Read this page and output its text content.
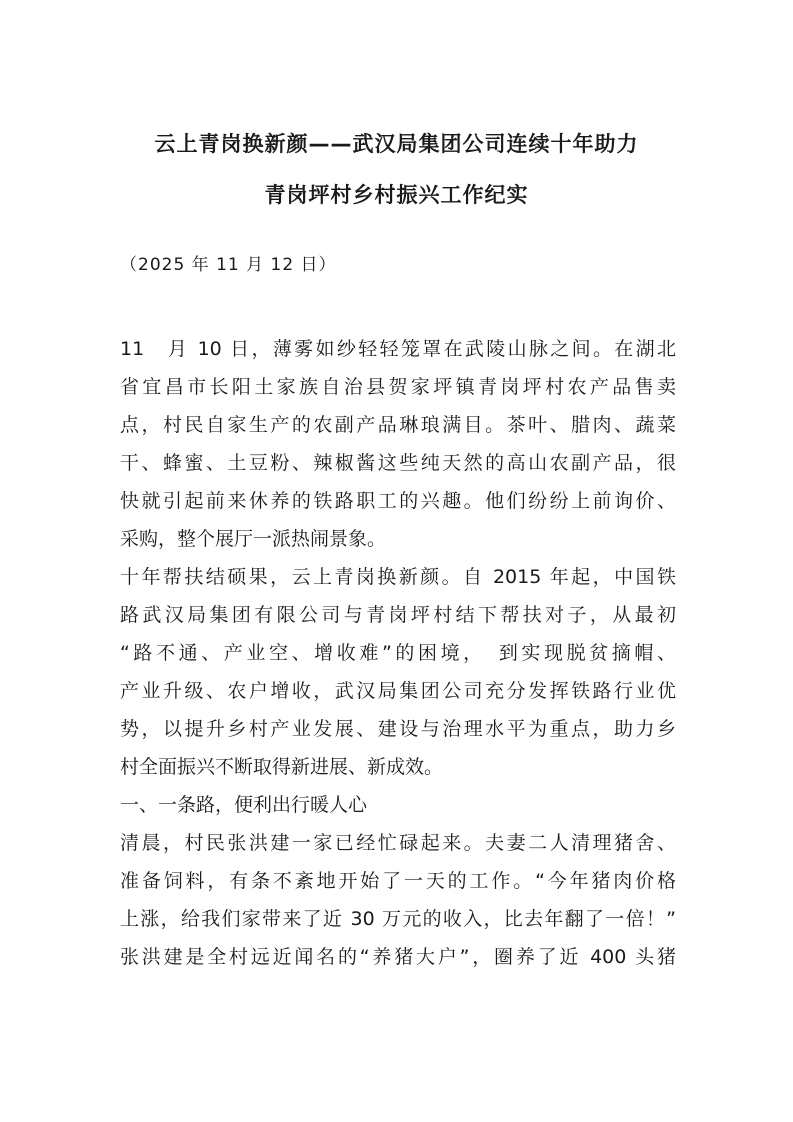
云上青岗换新颜——武汉局集团公司连续十年助力
青岗坪村乡村振兴工作纪实
（2025 年 11 月 12 日）
11　月 10 日，薄雾如纱轻轻笼罩在武陵山脉之间。在湖北
省宜昌市长阳土家族自治县贺家坪镇青岗坪村农产品售卖
点，村民自家生产的农副产品琳琅满目。茶叶、腊肉、蔬菜
干、蜂蜜、土豆粉、辣椒酱这些纯天然的高山农副产品，很
快就引起前来休养的铁路职工的兴趣。他们纷纷上前询价、
采购，整个展厅一派热闹景象。
十年帮扶结硕果，云上青岗换新颜。自 2015 年起，中国铁
路武汉局集团有限公司与青岗坪村结下帮扶对子，从最初
“路不通、产业空、增收难”的困境，　到实现脱贫摘帽、
产业升级、农户增收，武汉局集团公司充分发挥铁路行业优
势，以提升乡村产业发展、建设与治理水平为重点，助力乡
村全面振兴不断取得新进展、新成效。
一、一条路，便利出行暖人心
清晨，村民张洪建一家已经忙碌起来。夫妻二人清理猪舍、
准备饲料，有条不紊地开始了一天的工作。“今年猪肉价格
上涨，给我们家带来了近 30 万元的收入，比去年翻了一倍！”
张洪建是全村远近闻名的“养猪大户”，圈养了近 400 头猪
